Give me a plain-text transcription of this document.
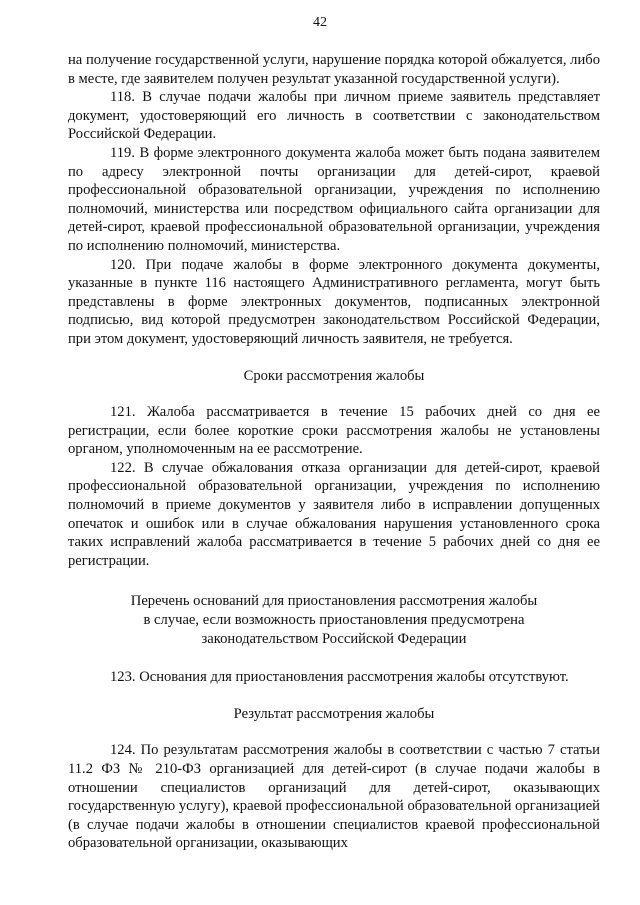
42

на получение государственной услуги, нарушение порядка которой обжалуется, либо в месте, где заявителем получен результат указанной государственной услуги).

118. В случае подачи жалобы при личном приеме заявитель представляет документ, удостоверяющий его личность в соответствии с законодательством Российской Федерации.

119. В форме электронного документа жалоба может быть подана заявителем по адресу электронной почты организации для детей-сирот, краевой профессиональной образовательной организации, учреждения по исполнению полномочий, министерства или посредством официального сайта организации для детей-сирот, краевой профессиональной образовательной организации, учреждения по исполнению полномочий, министерства.

120. При подаче жалобы в форме электронного документа документы, указанные в пункте 116 настоящего Административного регламента, могут быть представлены в форме электронных документов, подписанных электронной подписью, вид которой предусмотрен законодательством Российской Федерации, при этом документ, удостоверяющий личность заявителя, не требуется.

Сроки рассмотрения жалобы

121. Жалоба рассматривается в течение 15 рабочих дней со дня ее регистрации, если более короткие сроки рассмотрения жалобы не установлены органом, уполномоченным на ее рассмотрение.

122. В случае обжалования отказа организации для детей-сирот, краевой профессиональной образовательной организации, учреждения по исполнению полномочий в приеме документов у заявителя либо в исправлении допущенных опечаток и ошибок или в случае обжалования нарушения установленного срока таких исправлений жалоба рассматривается в течение 5 рабочих дней со дня ее регистрации.

Перечень оснований для приостановления рассмотрения жалобы
в случае, если возможность приостановления предусмотрена
законодательством Российской Федерации

123. Основания для приостановления рассмотрения жалобы отсутствуют.

Результат рассмотрения жалобы

124. По результатам рассмотрения жалобы в соответствии с частью 7 статьи 11.2 ФЗ № 210-ФЗ организацией для детей-сирот (в случае подачи жалобы в отношении специалистов организаций для детей-сирот, оказывающих государственную услугу), краевой профессиональной образовательной организацией (в случае подачи жалобы в отношении специалистов краевой профессиональной образовательной организации, оказывающих
